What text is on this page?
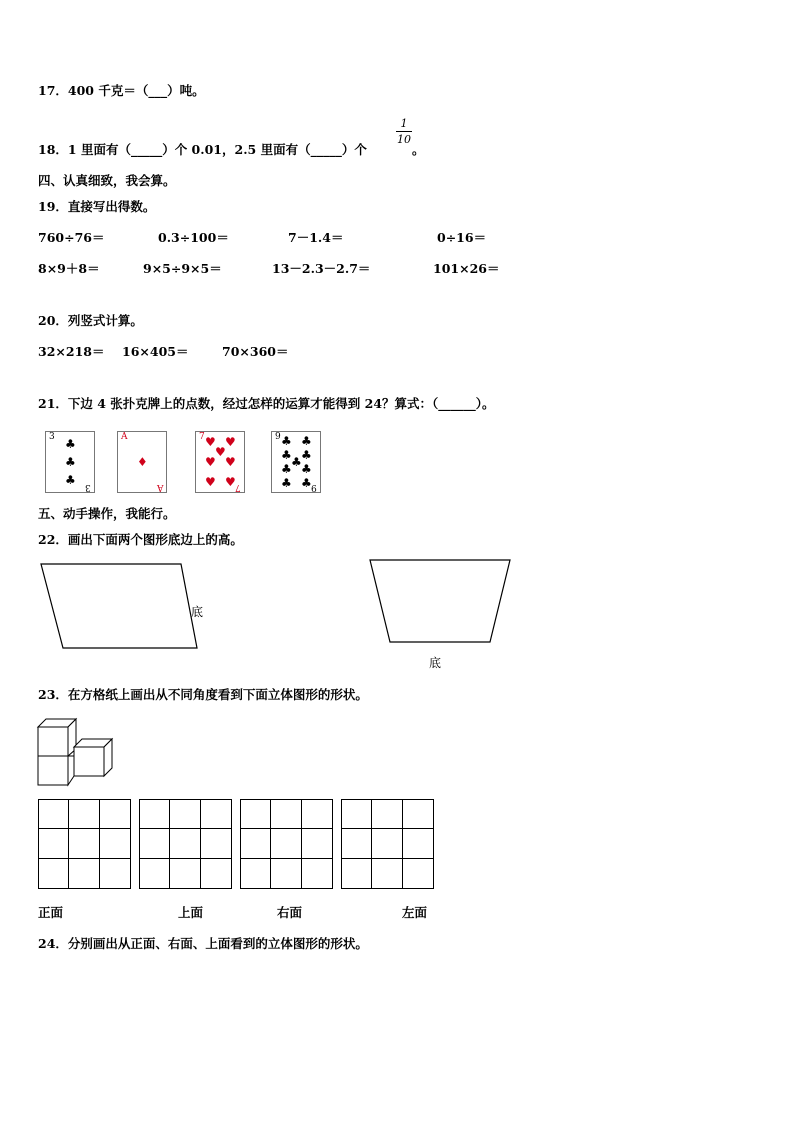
17．400 千克＝（___）吨。
18．1 里面有（_____）个 0.01，2.5 里面有（_____）个
1
10
。
四、认真细致，我会算。
19．直接写出得数。
760÷76＝	0.3÷100＝	7－1.4＝	0÷16＝
8×9＋8＝	9×5÷9×5＝	13－2.3－2.7＝	101×26＝
20．列竖式计算。
32×218＝ 16×405＝	70×360＝
21．下边 4 张扑克牌上的点数，经过怎样的运算才能得到 24？算式：（______）。
3
3
♣
♣
♣
A
A
♦
7
7
♥ ♥
♥
♥ ♥
♥ ♥
9
9
♣ ♣
♣ ♣
♣
♣ ♣
♣ ♣
五、动手操作，我能行。
22．画出下面两个图形底边上的高。
底
底
23．在方格纸上画出从不同角度看到下面立体图形的形状。
正面	上面	右面	左面
24．分别画出从正面、右面、上面看到的立体图形的形状。
